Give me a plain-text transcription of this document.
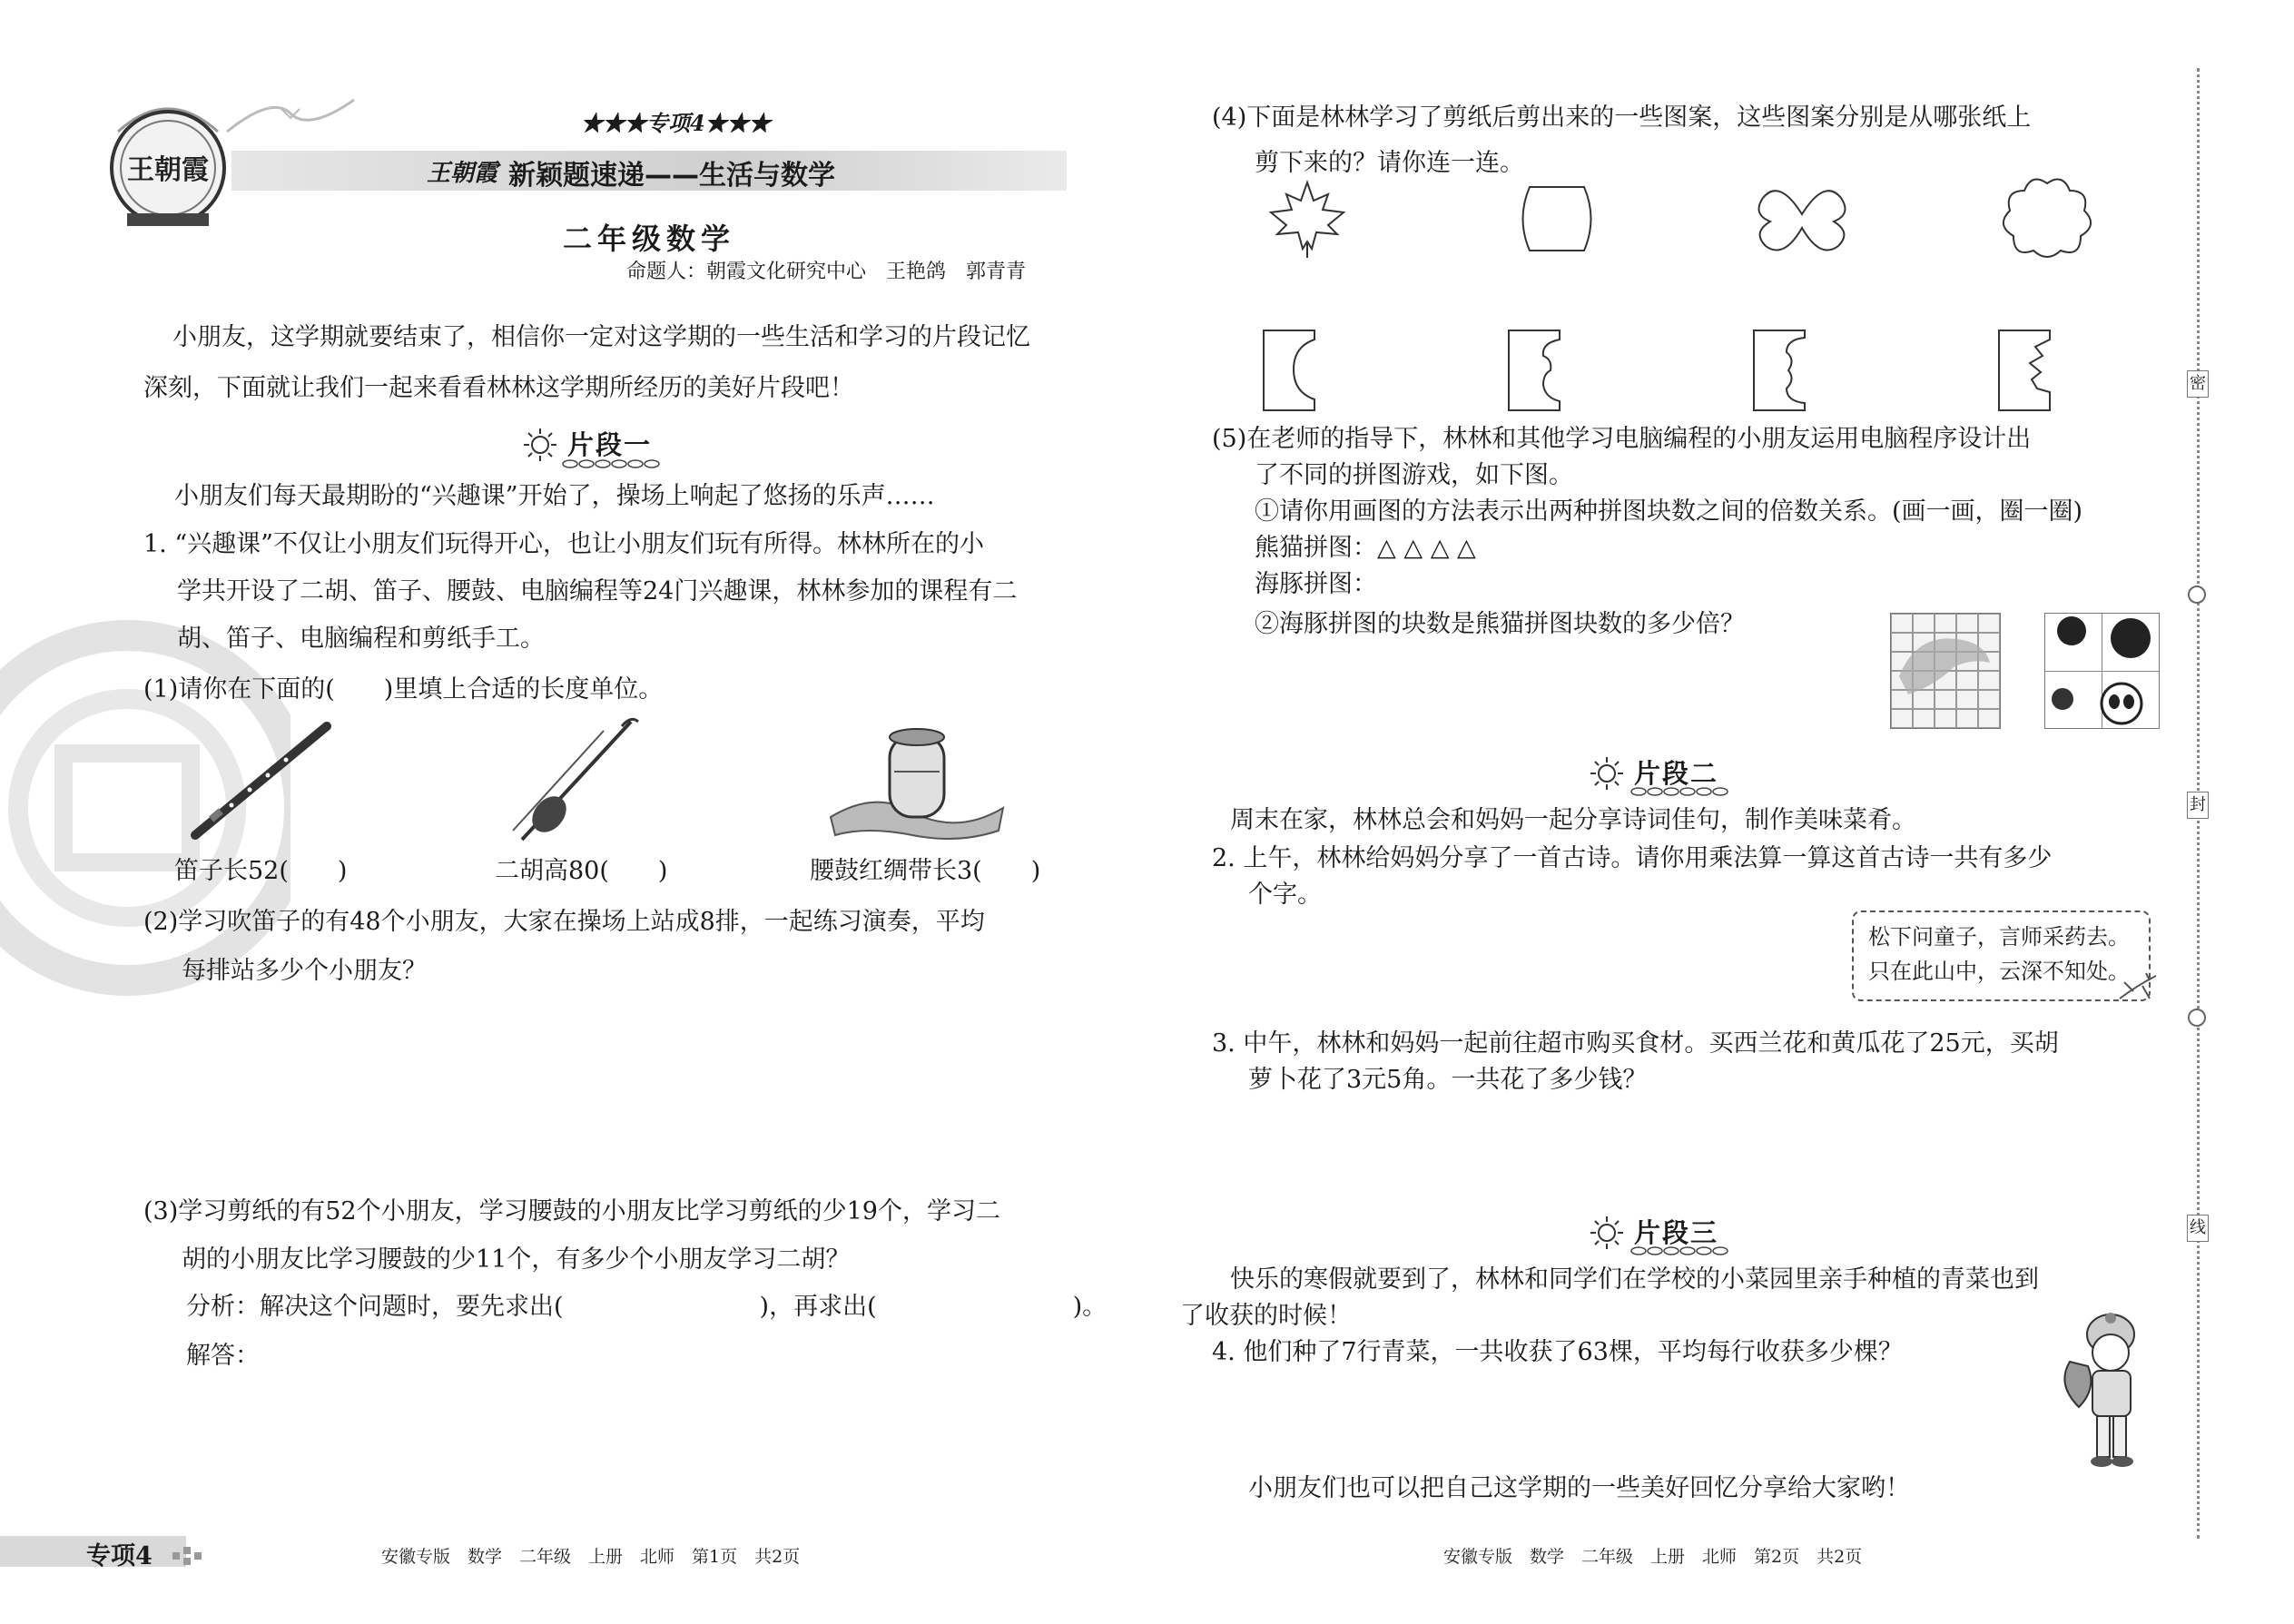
王朝霞
★★★专项4★★★
王朝霞 新颖题速递——生活与数学
二年级数学
命题人：朝霞文化研究中心　王艳鸽　郭青青
小朋友，这学期就要结束了，相信你一定对这学期的一些生活和学习的片段记忆
深刻，下面就让我们一起来看看林林这学期所经历的美好片段吧！
片段一
小朋友们每天最期盼的“兴趣课”开始了，操场上响起了悠扬的乐声……
1. “兴趣课”不仅让小朋友们玩得开心，也让小朋友们玩有所得。林林所在的小
学共开设了二胡、笛子、腰鼓、电脑编程等24门兴趣课，林林参加的课程有二
胡、笛子、电脑编程和剪纸手工。
(1)请你在下面的(　　)里填上合适的长度单位。
笛子长52(　　)	二胡高80(　　)	腰鼓红绸带长3(　　)
(2)学习吹笛子的有48个小朋友，大家在操场上站成8排，一起练习演奏，平均
每排站多少个小朋友？
(3)学习剪纸的有52个小朋友，学习腰鼓的小朋友比学习剪纸的少19个，学习二
胡的小朋友比学习腰鼓的少11个，有多少个小朋友学习二胡？
分析：解决这个问题时，要先求出(　　　　　　　　)，再求出(　　　　　　　　)。
解答：
专项4	安徽专版　数学　二年级　上册　北师　第1页　共2页
(4)下面是林林学习了剪纸后剪出来的一些图案，这些图案分别是从哪张纸上
剪下来的？请你连一连。
(5)在老师的指导下，林林和其他学习电脑编程的小朋友运用电脑程序设计出
了不同的拼图游戏，如下图。
①请你用画图的方法表示出两种拼图块数之间的倍数关系。(画一画，圈一圈)
熊猫拼图：△ △ △ △
海豚拼图：
②海豚拼图的块数是熊猫拼图块数的多少倍？
片段二
周末在家，林林总会和妈妈一起分享诗词佳句，制作美味菜肴。
2. 上午，林林给妈妈分享了一首古诗。请你用乘法算一算这首古诗一共有多少
个字。
松下问童子，言师采药去。
只在此山中，云深不知处。
3. 中午，林林和妈妈一起前往超市购买食材。买西兰花和黄瓜花了25元，买胡
萝卜花了3元5角。一共花了多少钱？
片段三
快乐的寒假就要到了，林林和同学们在学校的小菜园里亲手种植的青菜也到
了收获的时候！
4. 他们种了7行青菜，一共收获了63棵，平均每行收获多少棵？
小朋友们也可以把自己这学期的一些美好回忆分享给大家哟！
安徽专版　数学　二年级　上册　北师　第2页　共2页
密
封
线
